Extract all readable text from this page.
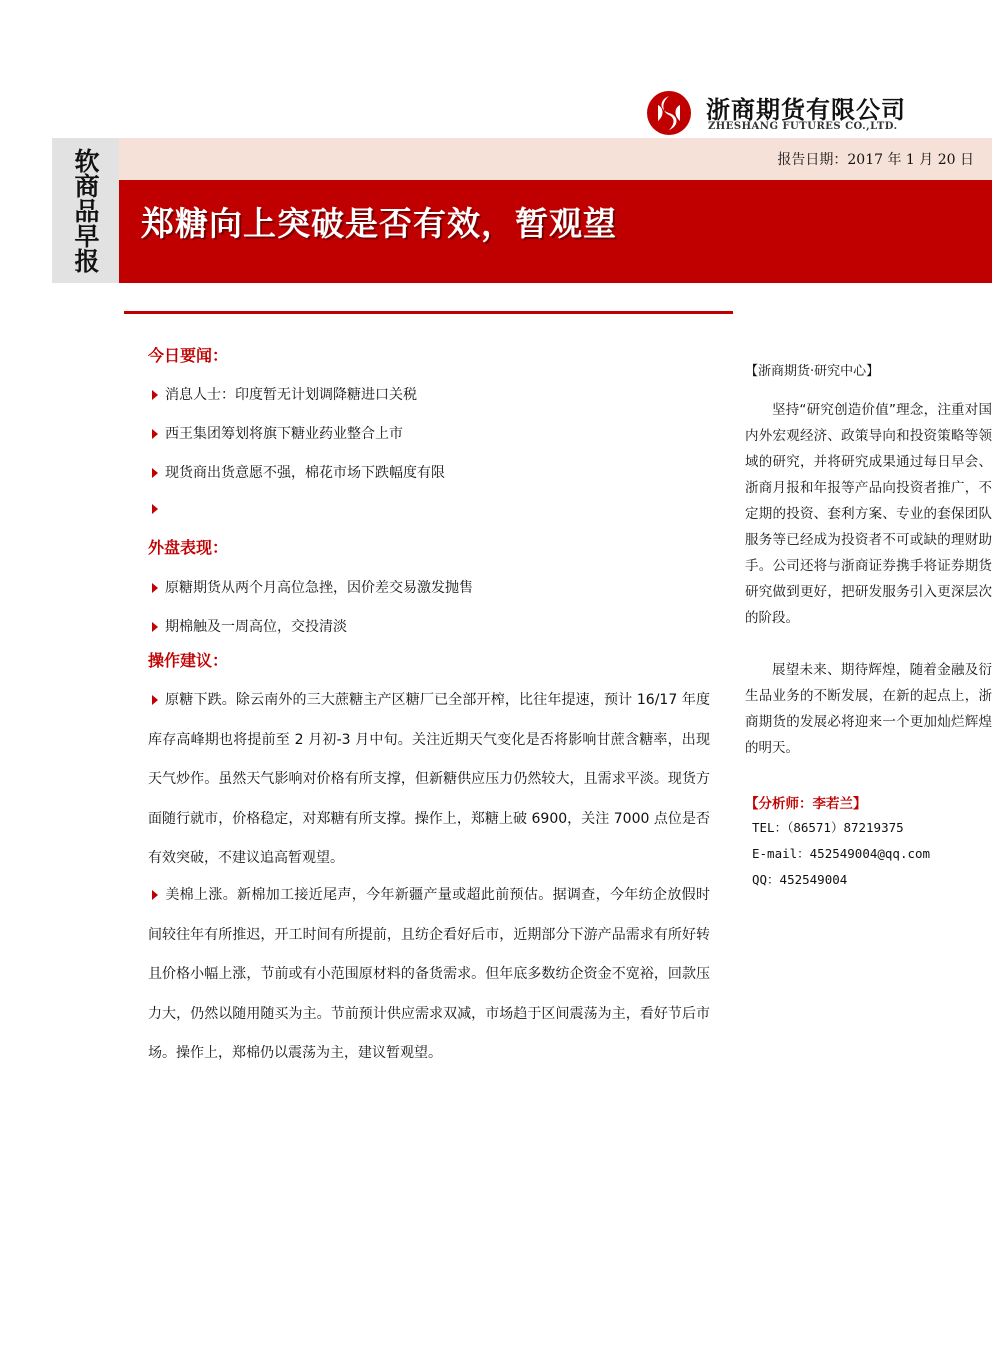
浙商期货有限公司
ZHESHANG FUTURES CO.,LTD.
软商品早报	报告日期：2017 年 1 月 20 日
郑糖向上突破是否有效，暂观望
今日要闻：
消息人士：印度暂无计划调降糖进口关税
西王集团筹划将旗下糖业药业整合上市
现货商出货意愿不强，棉花市场下跌幅度有限
外盘表现：
原糖期货从两个月高位急挫，因价差交易激发抛售
期棉触及一周高位，交投清淡
操作建议：
原糖下跌。除云南外的三大蔗糖主产区糖厂已全部开榨，比往年提速，预计 16/17 年度库存高峰期也将提前至 2 月初-3 月中旬。关注近期天气变化是否将影响甘蔗含糖率，出现天气炒作。虽然天气影响对价格有所支撑，但新糖供应压力仍然较大，且需求平淡。现货方面随行就市，价格稳定，对郑糖有所支撑。操作上，郑糖上破 6900，关注 7000 点位是否有效突破，不建议追高暂观望。
美棉上涨。新棉加工接近尾声，今年新疆产量或超此前预估。据调查，今年纺企放假时间较往年有所推迟，开工时间有所提前，且纺企看好后市，近期部分下游产品需求有所好转且价格小幅上涨，节前或有小范围原材料的备货需求。但年底多数纺企资金不宽裕，回款压力大，仍然以随用随买为主。节前预计供应需求双减，市场趋于区间震荡为主，看好节后市场。操作上，郑棉仍以震荡为主，建议暂观望。
【浙商期货·研究中心】
坚持“研究创造价值”理念，注重对国内外宏观经济、政策导向和投资策略等领域的研究，并将研究成果通过每日早会、浙商月报和年报等产品向投资者推广，不定期的投资、套利方案、专业的套保团队服务等已经成为投资者不可或缺的理财助手。公司还将与浙商证券携手将证券期货研究做到更好，把研发服务引入更深层次的阶段。
展望未来、期待辉煌，随着金融及衍生品业务的不断发展，在新的起点上，浙商期货的发展必将迎来一个更加灿烂辉煌的明天。
【分析师：李若兰】
TEL：（86571）87219375
E-mail：452549004@qq.com
QQ：452549004
